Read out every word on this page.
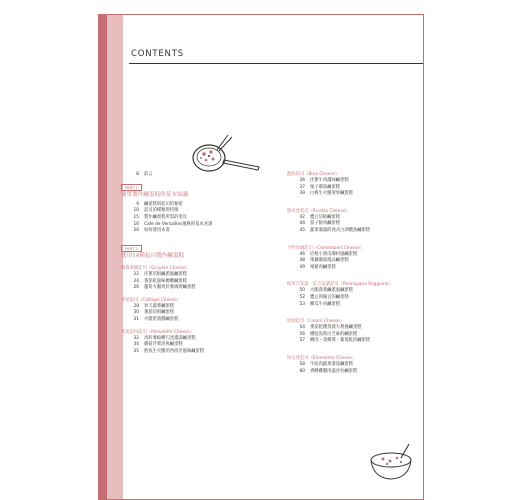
CONTENTS
8 前言
PART 1
簡單製作鹹蛋糕的基本知識
9 鹹蛋糕與起司的秘密
10 起司的種類與特徵
15 製作鹹蛋糕所需的用具
16 Cafe de Versailles風格的基本食譜
20 如何使用本書
PART 2
使用14種起司製作鹹蛋糕
格魯耶爾起司（Gruyère Cheese）
22 洋蔥培根鹹派風鹹蛋糕
24 番茄乾風味橄欖鹹蛋糕
26 蘆筍火腿馬鈴薯焗烤鹹蛋糕
茅屋起司（Cottage Cheese）
28 春天蔬菜鹹蛋糕
30 番茄培根鹹蛋糕
31 火腿蛋黃醬鹹蛋糕
米莫雷特起司（Mimolette Cheese）
32 馬鈴薯蛤蜊巧達濃湯鹹蛋糕
34 蘑菇芹菜清爽鹹蛋糕
35 鱈魚生火腿的西班牙風味鹹蛋糕
藍紋起司（Blue Cheese）
36 洋蔥牛肉濃味鹹蛋糕
37 栗子蘑菇鹹蛋糕
39 白桃生火腿聖果鹹蛋糕
瑞可達起司（Ricotta Cheese）
42 鷹豆培根鹹蛋糕
44 茄子鮮肉鹹蛋糕
45 蔬菜滿滿的義式白酒燉魚鹹蛋糕
卡門貝爾起司（Camembert Cheese）
46 培根小黃瓜鄉村風鹹蛋糕
48 蓮藕蘑菇燒品鹹蛋糕
49 栗豬肉鹹蛋糕
帕米吉安諾・雷吉安諾起司（Parmigiano Reggiano）
50 火腿菠菜鹹派風鹹蛋糕
52 鷹豆與腸豆的鹹蛋糕
53 櫛瓜牛肉鹹蛋糕
奶油起司（Cream Cheese）
54 番茄乾燻蒸義大利風鹹蛋糕
56 燻鮭魚與白芝麻的鹹蛋糕
57 鰻肉・花椰菜・葡萄乾的鹹蛋糕
埃文達起司（Emmental Cheese）
58 牛絞肉蔬菜番茄鹹蛋糕
60 香酥雞雞肉溫沙拉鹹蛋糕
